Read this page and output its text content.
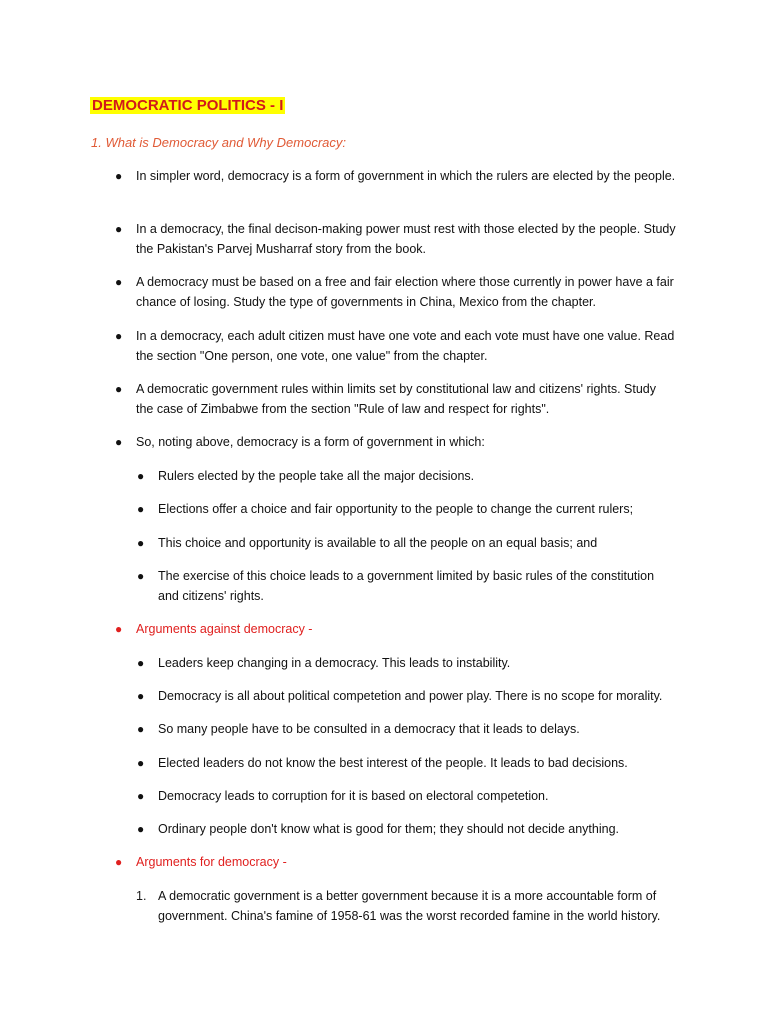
DEMOCRATIC POLITICS - I

1. What is Democracy and Why Democracy:

● In simpler word, democracy is a form of government in which the rulers are elected by the people.
● In a democracy, the final decison-making power must rest with those elected by the people. Study the Pakistan's Parvej Musharraf story from the book.
● A democracy must be based on a free and fair election where those currently in power have a fair chance of losing. Study the type of governments in China, Mexico from the chapter.
● In a democracy, each adult citizen must have one vote and each vote must have one value. Read the section "One person, one vote, one value" from the chapter.
● A democratic government rules within limits set by constitutional law and citizens' rights. Study the case of Zimbabwe from the section "Rule of law and respect for rights".
● So, noting above, democracy is a form of government in which:
● Rulers elected by the people take all the major decisions.
● Elections offer a choice and fair opportunity to the people to change the current rulers;
● This choice and opportunity is available to all the people on an equal basis; and
● The exercise of this choice leads to a government limited by basic rules of the constitution and citizens' rights.
● Arguments against democracy -
● Leaders keep changing in a democracy. This leads to instability.
● Democracy is all about political competetion and power play. There is no scope for morality.
● So many people have to be consulted in a democracy that it leads to delays.
● Elected leaders do not know the best interest of the people. It leads to bad decisions.
● Democracy leads to corruption for it is based on electoral competetion.
● Ordinary people don't know what is good for them; they should not decide anything.
● Arguments for democracy -
1. A democratic government is a better government because it is a more accountable form of government. China's famine of 1958-61 was the worst recorded famine in the world history.
